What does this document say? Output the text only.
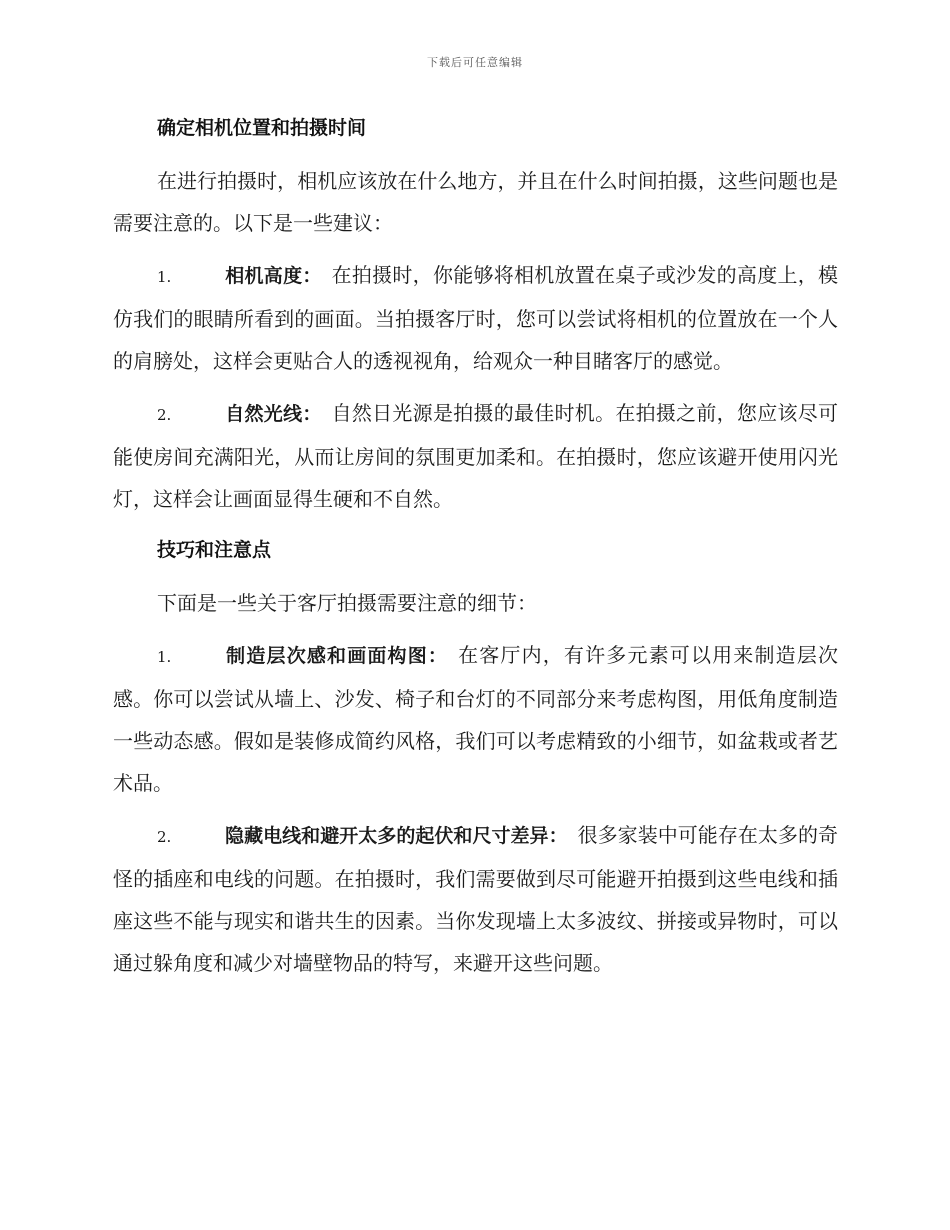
下载后可任意编辑
确定相机位置和拍摄时间

在进行拍摄时，相机应该放在什么地方，并且在什么时间拍摄，这些问题也是需要注意的。以下是一些建议：

1.	相机高度： 在拍摄时，你能够将相机放置在桌子或沙发的高度上，模仿我们的眼睛所看到的画面。当拍摄客厅时，您可以尝试将相机的位置放在一个人的肩膀处，这样会更贴合人的透视视角，给观众一种目睹客厅的感觉。

2.	自然光线： 自然日光源是拍摄的最佳时机。在拍摄之前，您应该尽可能使房间充满阳光，从而让房间的氛围更加柔和。在拍摄时，您应该避开使用闪光灯，这样会让画面显得生硬和不自然。

技巧和注意点

下面是一些关于客厅拍摄需要注意的细节：

1.	制造层次感和画面构图： 在客厅内，有许多元素可以用来制造层次感。你可以尝试从墙上、沙发、椅子和台灯的不同部分来考虑构图，用低角度制造一些动态感。假如是装修成简约风格，我们可以考虑精致的小细节，如盆栽或者艺术品。

2.	隐藏电线和避开太多的起伏和尺寸差异： 很多家装中可能存在太多的奇怪的插座和电线的问题。在拍摄时，我们需要做到尽可能避开拍摄到这些电线和插座这些不能与现实和谐共生的因素。当你发现墙上太多波纹、拼接或异物时，可以通过躲角度和减少对墙壁物品的特写，来避开这些问题。
